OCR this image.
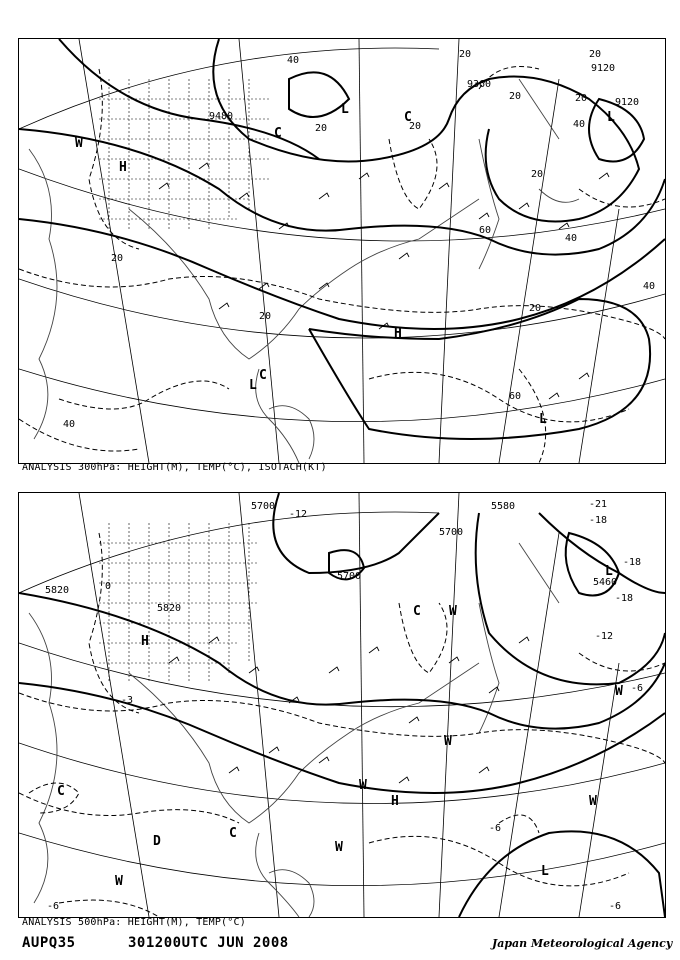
W
H
C
C
L
H
L
C
L
L
9120
9120
9360
9480
20	20
20	20
20
20
20
20
20
20
40
40
40
40
40
60
60
ANALYSIS 300hPa: HEIGHT(M), TEMP(°C), ISOTACH(KT)
W
C
H
W
W
H
W
C
W
W
D
L
L
C
W
5820
5820
5700
5700
5700
5580
5460
-3
-6
-6
-6
-6
-12
-12
-18
-18
-18
-21
0
ANALYSIS 500hPa: HEIGHT(M), TEMP(°C)
AUPQ35	301200UTC JUN 2008	Japan Meteorological Agency
